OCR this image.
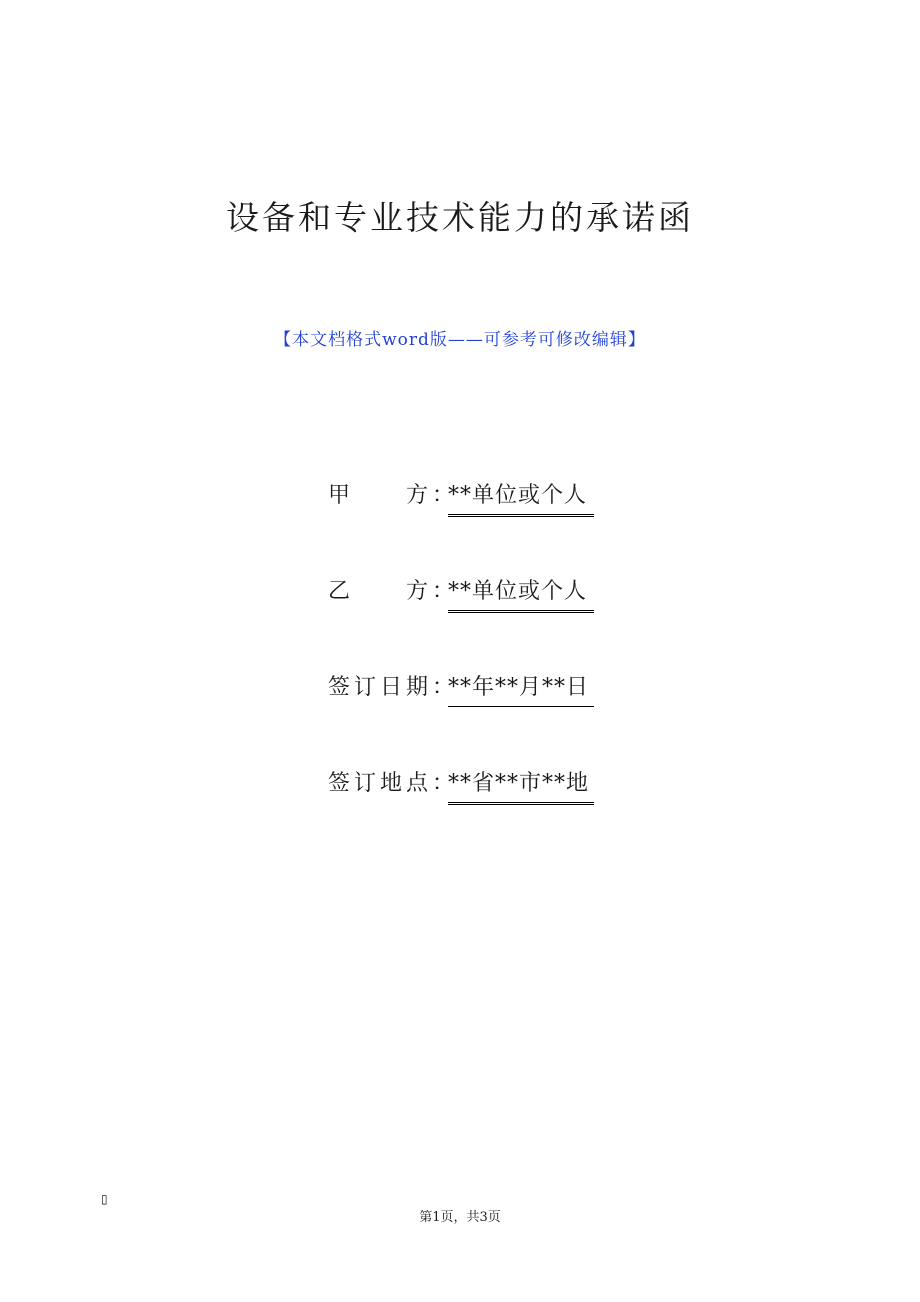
设备和专业技术能力的承诺函
【本文档格式word版——可参考可修改编辑】
甲　　方：
**单位或个人
乙　　方：
**单位或个人
签订日期：
**年**月**日
签订地点：
**省**市**地
▯
第1页，共3页
